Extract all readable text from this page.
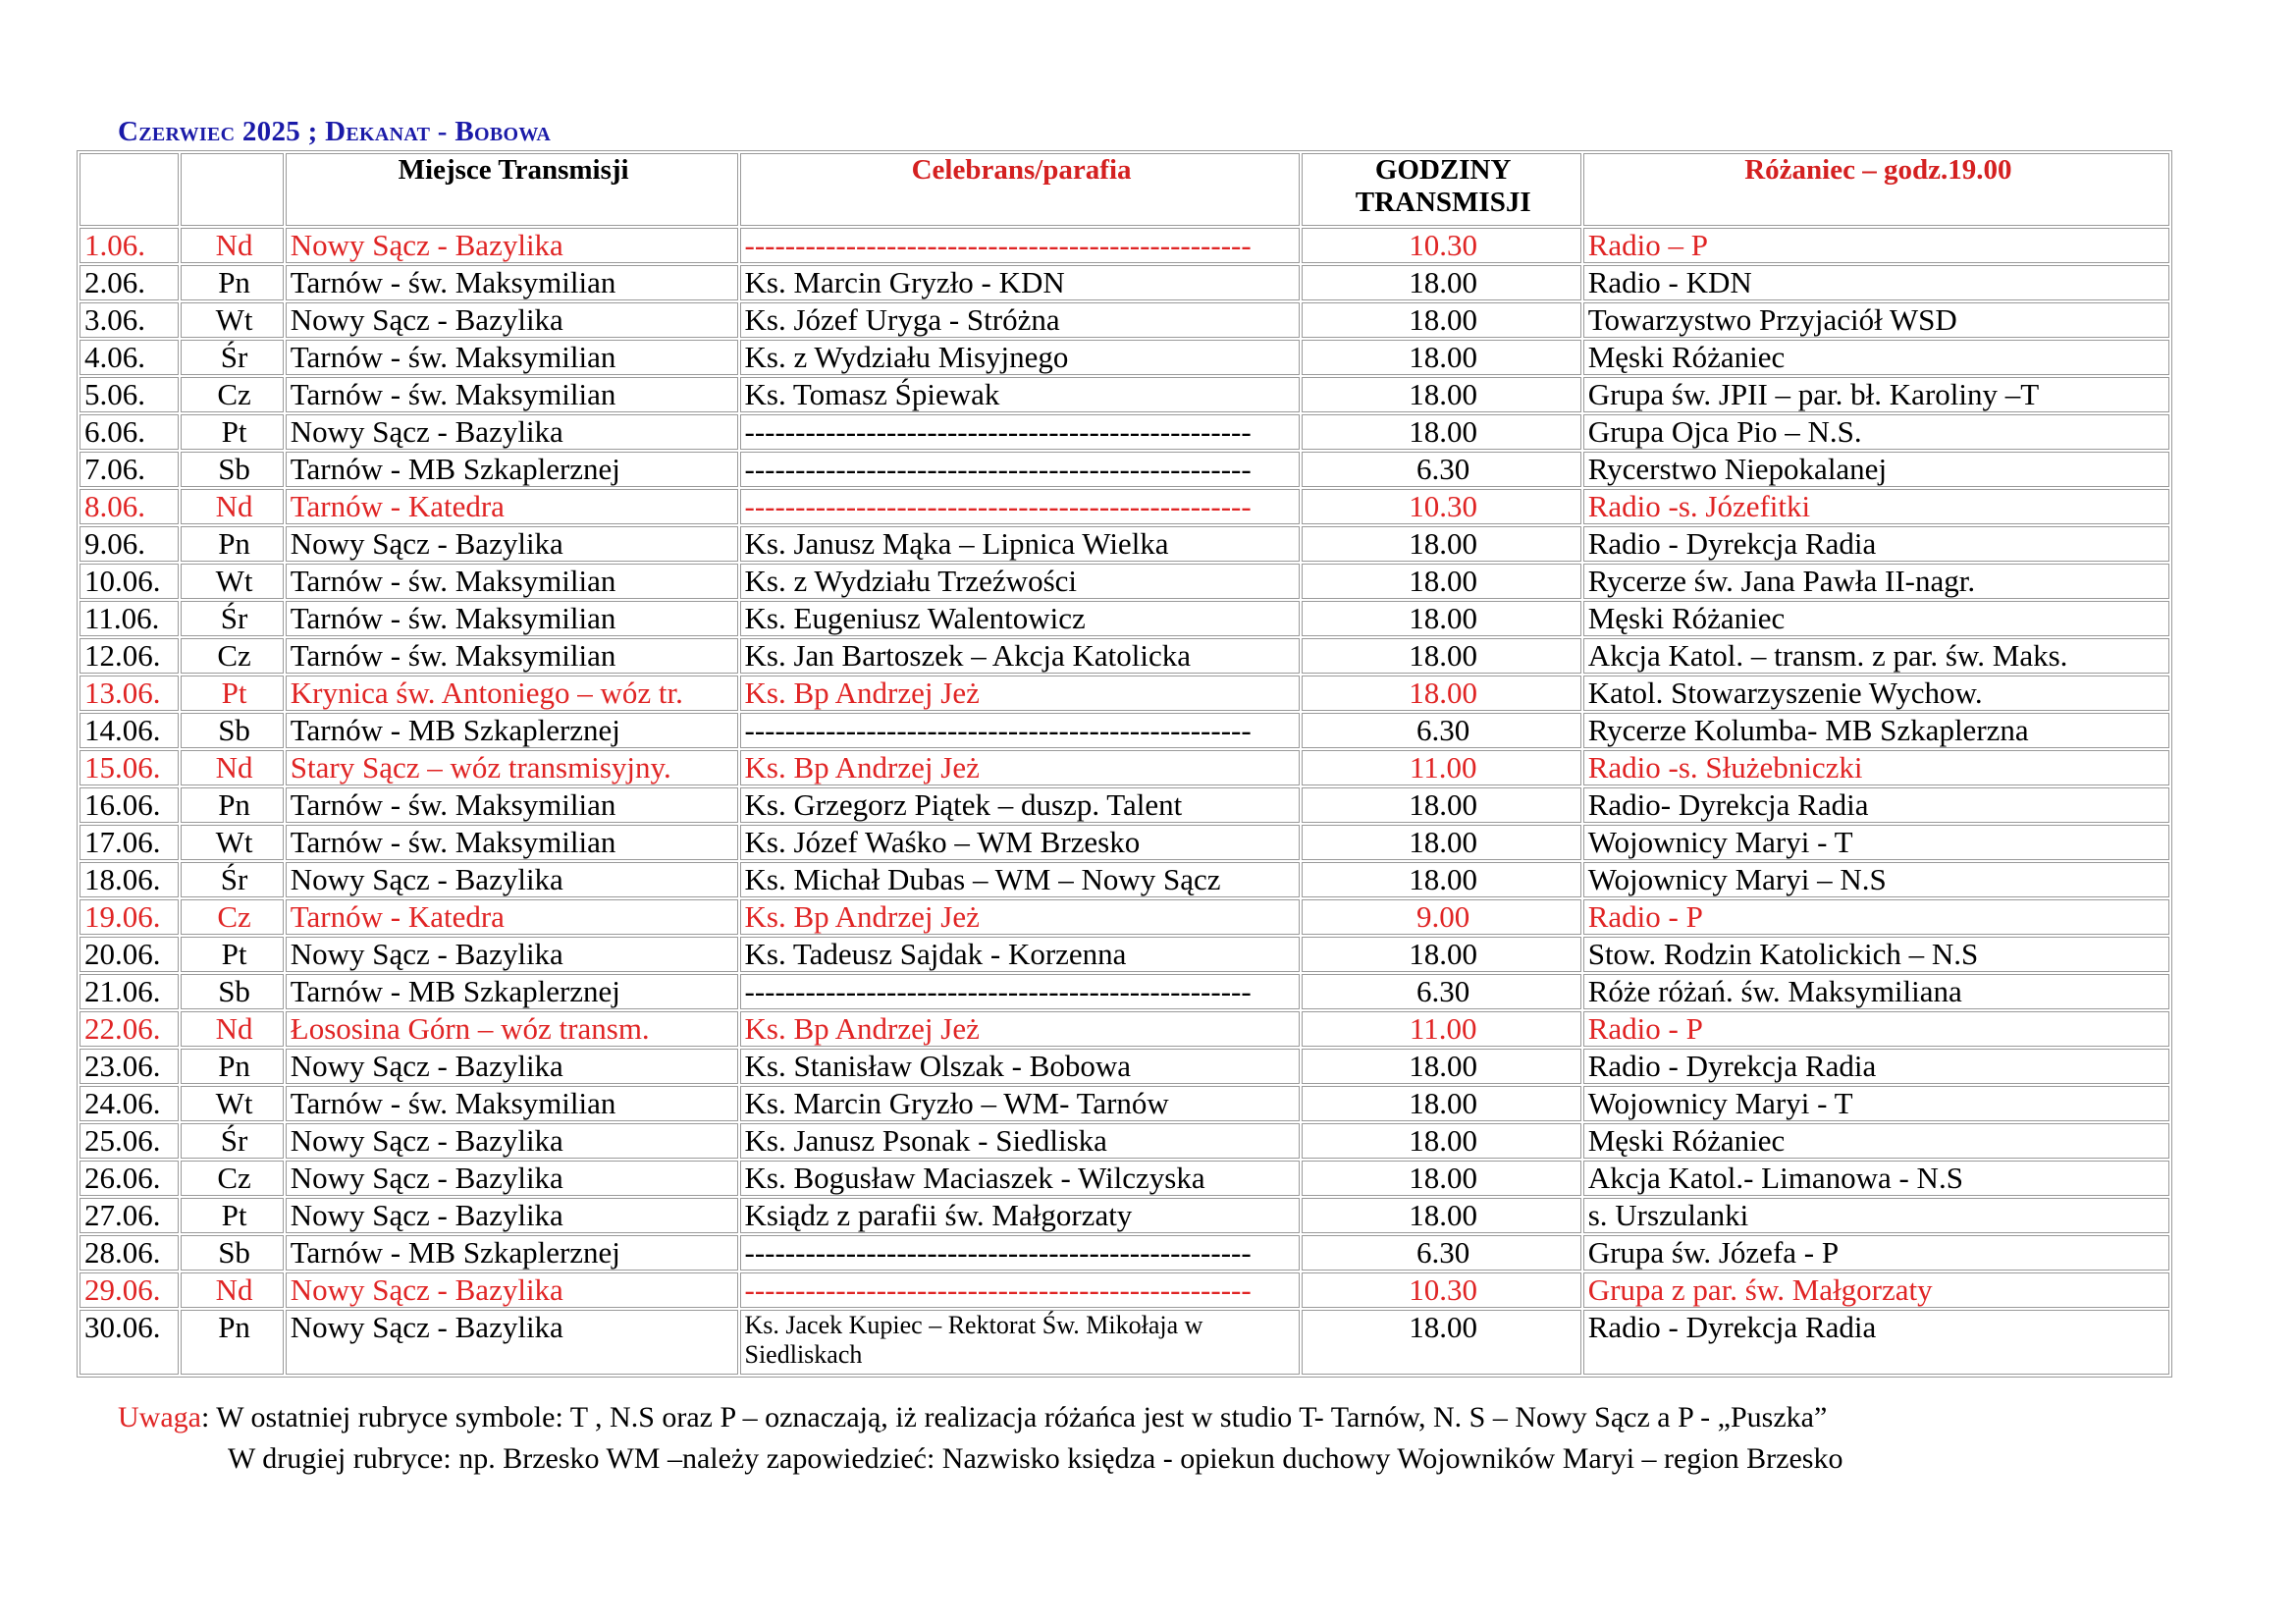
Czerwiec 2025 ; Dekanat - Bobowa
		Miejsce Transmisji	Celebrans/parafia	GODZINY
TRANSMISJI	Różaniec – godz.19.00
1.06.	Nd	Nowy Sącz - Bazylika	--------------------------------------------------	10.30	Radio – P
2.06.	Pn	Tarnów - św. Maksymilian	Ks. Marcin Gryzło - KDN	18.00	Radio - KDN
3.06.	Wt	Nowy Sącz - Bazylika	Ks. Józef Uryga - Stróżna	18.00	Towarzystwo Przyjaciół WSD
4.06.	Śr	Tarnów - św. Maksymilian	Ks. z Wydziału Misyjnego	18.00	Męski Różaniec
5.06.	Cz	Tarnów - św. Maksymilian	Ks. Tomasz Śpiewak	18.00	Grupa św. JPII – par. bł. Karoliny –T
6.06.	Pt	Nowy Sącz - Bazylika	--------------------------------------------------	18.00	Grupa Ojca Pio – N.S.
7.06.	Sb	Tarnów - MB Szkaplerznej	--------------------------------------------------	6.30	Rycerstwo Niepokalanej
8.06.	Nd	Tarnów - Katedra	--------------------------------------------------	10.30	Radio -s. Józefitki
9.06.	Pn	Nowy Sącz - Bazylika	Ks. Janusz Mąka – Lipnica Wielka	18.00	Radio - Dyrekcja Radia
10.06.	Wt	Tarnów - św. Maksymilian	Ks. z Wydziału Trzeźwości	18.00	Rycerze św. Jana Pawła II-nagr.
11.06.	Śr	Tarnów - św. Maksymilian	Ks. Eugeniusz Walentowicz	18.00	Męski Różaniec
12.06.	Cz	Tarnów - św. Maksymilian	Ks. Jan Bartoszek – Akcja Katolicka	18.00	Akcja Katol. – transm. z par. św. Maks.
13.06.	Pt	Krynica św. Antoniego – wóz tr.	Ks. Bp Andrzej Jeż	18.00	Katol. Stowarzyszenie Wychow.
14.06.	Sb	Tarnów - MB Szkaplerznej	--------------------------------------------------	6.30	Rycerze Kolumba- MB Szkaplerzna
15.06.	Nd	Stary Sącz – wóz transmisyjny.	Ks. Bp Andrzej Jeż	11.00	Radio -s. Służebniczki
16.06.	Pn	Tarnów - św. Maksymilian	Ks. Grzegorz Piątek – duszp. Talent	18.00	Radio- Dyrekcja Radia
17.06.	Wt	Tarnów - św. Maksymilian	Ks. Józef Waśko – WM Brzesko	18.00	Wojownicy Maryi - T
18.06.	Śr	Nowy Sącz - Bazylika	Ks. Michał Dubas – WM – Nowy Sącz	18.00	Wojownicy Maryi – N.S
19.06.	Cz	Tarnów - Katedra	Ks. Bp Andrzej Jeż	9.00	Radio - P
20.06.	Pt	Nowy Sącz - Bazylika	Ks. Tadeusz Sajdak - Korzenna	18.00	Stow. Rodzin Katolickich – N.S
21.06.	Sb	Tarnów - MB Szkaplerznej	--------------------------------------------------	6.30	Róże różań. św. Maksymiliana
22.06.	Nd	Łososina Górn – wóz transm.	Ks. Bp Andrzej Jeż	11.00	Radio - P
23.06.	Pn	Nowy Sącz - Bazylika	Ks. Stanisław Olszak - Bobowa	18.00	Radio - Dyrekcja Radia
24.06.	Wt	Tarnów - św. Maksymilian	Ks. Marcin Gryzło – WM- Tarnów	18.00	Wojownicy Maryi - T
25.06.	Śr	Nowy Sącz - Bazylika	Ks. Janusz Psonak - Siedliska	18.00	Męski Różaniec
26.06.	Cz	Nowy Sącz - Bazylika	Ks. Bogusław Maciaszek - Wilczyska	18.00	Akcja Katol.- Limanowa - N.S
27.06.	Pt	Nowy Sącz - Bazylika	Ksiądz z parafii św. Małgorzaty	18.00	s. Urszulanki
28.06.	Sb	Tarnów - MB Szkaplerznej	--------------------------------------------------	6.30	Grupa św. Józefa - P
29.06.	Nd	Nowy Sącz - Bazylika	--------------------------------------------------	10.30	Grupa z par. św. Małgorzaty
30.06.	Pn	Nowy Sącz - Bazylika	Ks. Jacek Kupiec – Rektorat Św. Mikołaja w Siedliskach	18.00	Radio - Dyrekcja Radia
Uwaga: W ostatniej rubryce symbole: T , N.S oraz P – oznaczają, iż realizacja różańca jest w studio T- Tarnów, N. S – Nowy Sącz a P - „Puszka”
W drugiej rubryce: np. Brzesko WM –należy zapowiedzieć: Nazwisko księdza - opiekun duchowy Wojowników Maryi – region Brzesko
